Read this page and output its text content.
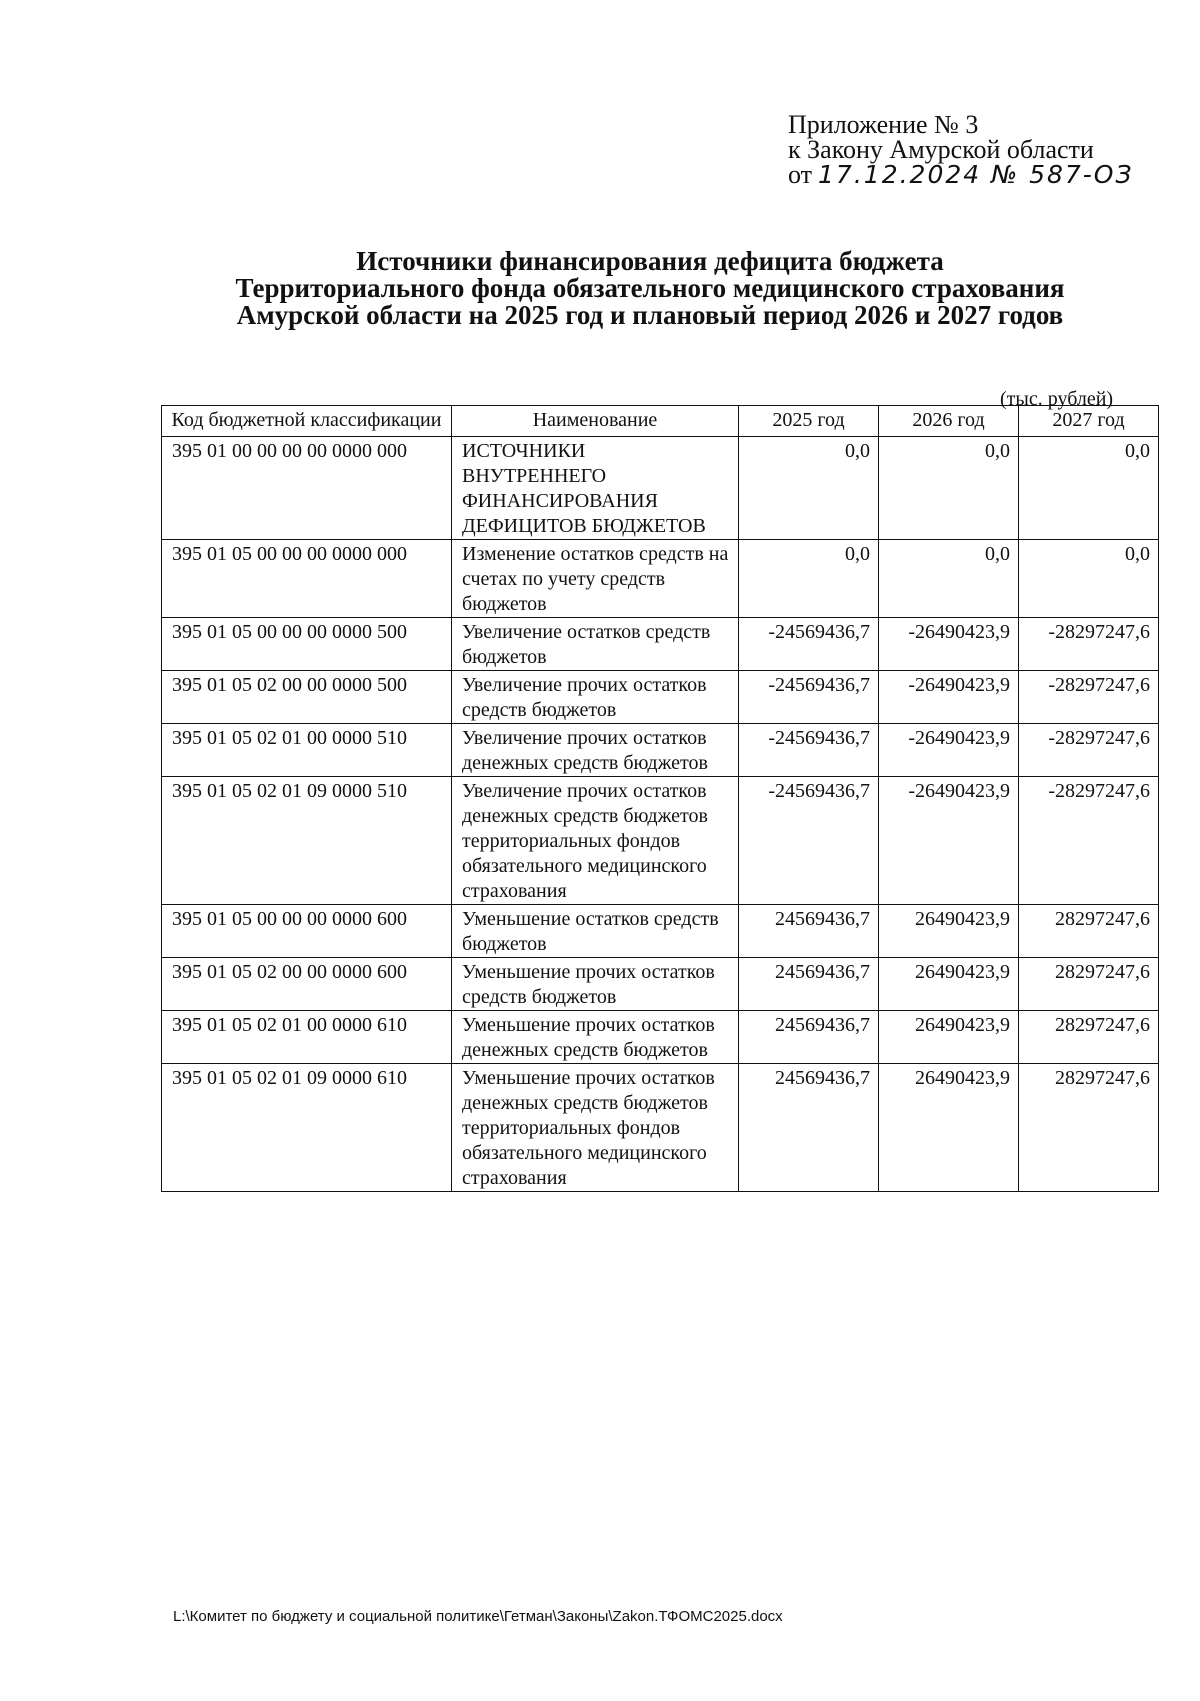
Приложение № 3
к Закону Амурской области
от 17.12.2024 № 587-ОЗ
Источники финансирования дефицита бюджета
Территориального фонда обязательного медицинского страхования
Амурской области на 2025 год и плановый период 2026 и 2027 годов
(тыс. рублей)
Код бюджетной классификации	Наименование	2025 год	2026 год	2027 год
395 01 00 00 00 00 0000 000	ИСТОЧНИКИ ВНУТРЕННЕГО ФИНАНСИРОВАНИЯ ДЕФИЦИТОВ БЮДЖЕТОВ	0,0	0,0	0,0
395 01 05 00 00 00 0000 000	Изменение остатков средств на счетах по учету средств бюджетов	0,0	0,0	0,0
395 01 05 00 00 00 0000 500	Увеличение остатков средств бюджетов	-24569436,7	-26490423,9	-28297247,6
395 01 05 02 00 00 0000 500	Увеличение прочих остатков средств бюджетов	-24569436,7	-26490423,9	-28297247,6
395 01 05 02 01 00 0000 510	Увеличение прочих остатков денежных средств бюджетов	-24569436,7	-26490423,9	-28297247,6
395 01 05 02 01 09 0000 510	Увеличение прочих остатков денежных средств бюджетов территориальных фондов обязательного медицинского страхования	-24569436,7	-26490423,9	-28297247,6
395 01 05 00 00 00 0000 600	Уменьшение остатков средств бюджетов	24569436,7	26490423,9	28297247,6
395 01 05 02 00 00 0000 600	Уменьшение прочих остатков средств бюджетов	24569436,7	26490423,9	28297247,6
395 01 05 02 01 00 0000 610	Уменьшение прочих остатков денежных средств бюджетов	24569436,7	26490423,9	28297247,6
395 01 05 02 01 09 0000 610	Уменьшение прочих остатков денежных средств бюджетов территориальных фондов обязательного медицинского страхования	24569436,7	26490423,9	28297247,6
L:\Комитет по бюджету и социальной политике\Гетман\Законы\Zakon.ТФОМС2025.docx
